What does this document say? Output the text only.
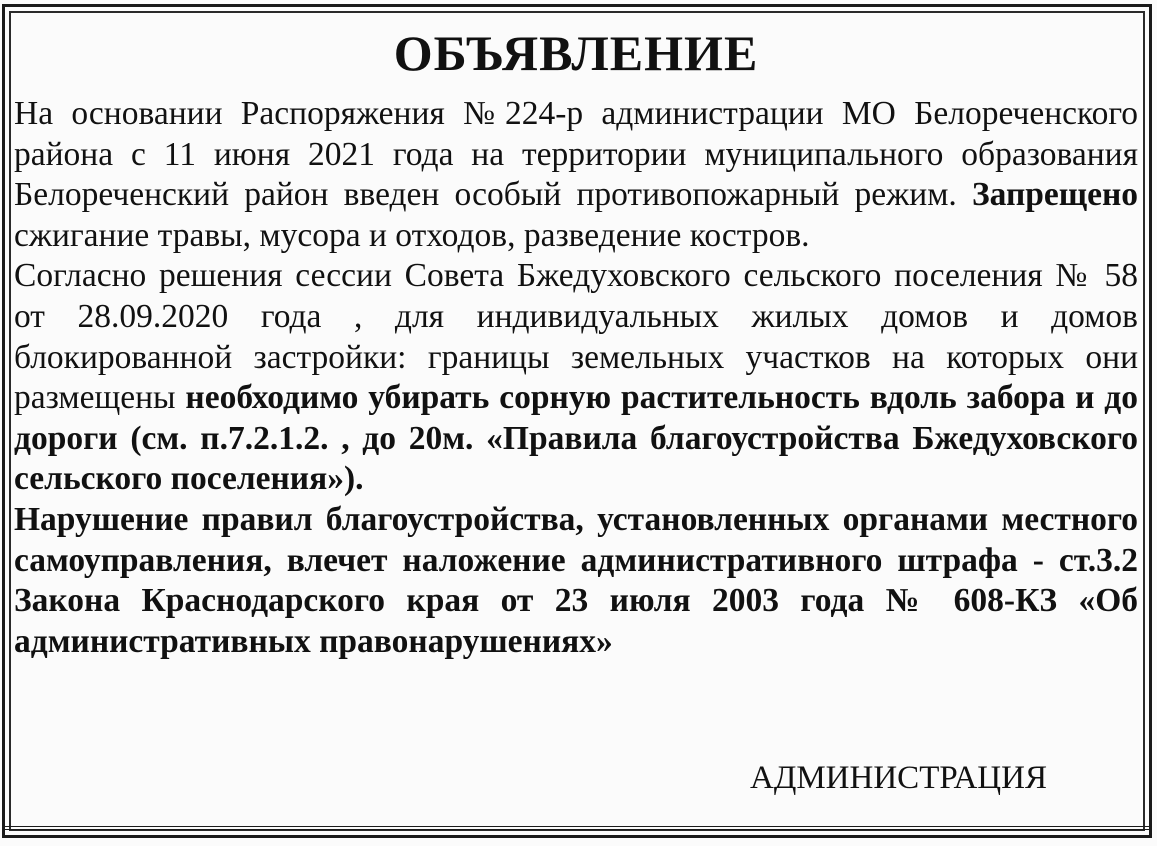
ОБЪЯВЛЕНИЕ

На основании Распоряжения №224-р администрации МО Белореченского района с 11 июня 2021 года на территории муниципального образования Белореченский район введен особый противопожарный режим. Запрещено сжигание травы, мусора и отходов, разведение костров.

Согласно решения сессии Совета Бжедуховского сельского поселения № 58 от 28.09.2020 года , для индивидуальных жилых домов и домов блокированной застройки: границы земельных участков на которых они размещены необходимо убирать сорную растительность вдоль забора и до дороги (см. п.7.2.1.2. , до 20м. «Правила благоустройства Бжедуховского сельского поселения»).

Нарушение правил благоустройства, установленных органами местного самоуправления, влечет наложение административного штрафа - ст.3.2 Закона Краснодарского края от 23 июля 2003 года № 608-КЗ «Об административных правонарушениях»

АДМИНИСТРАЦИЯ
